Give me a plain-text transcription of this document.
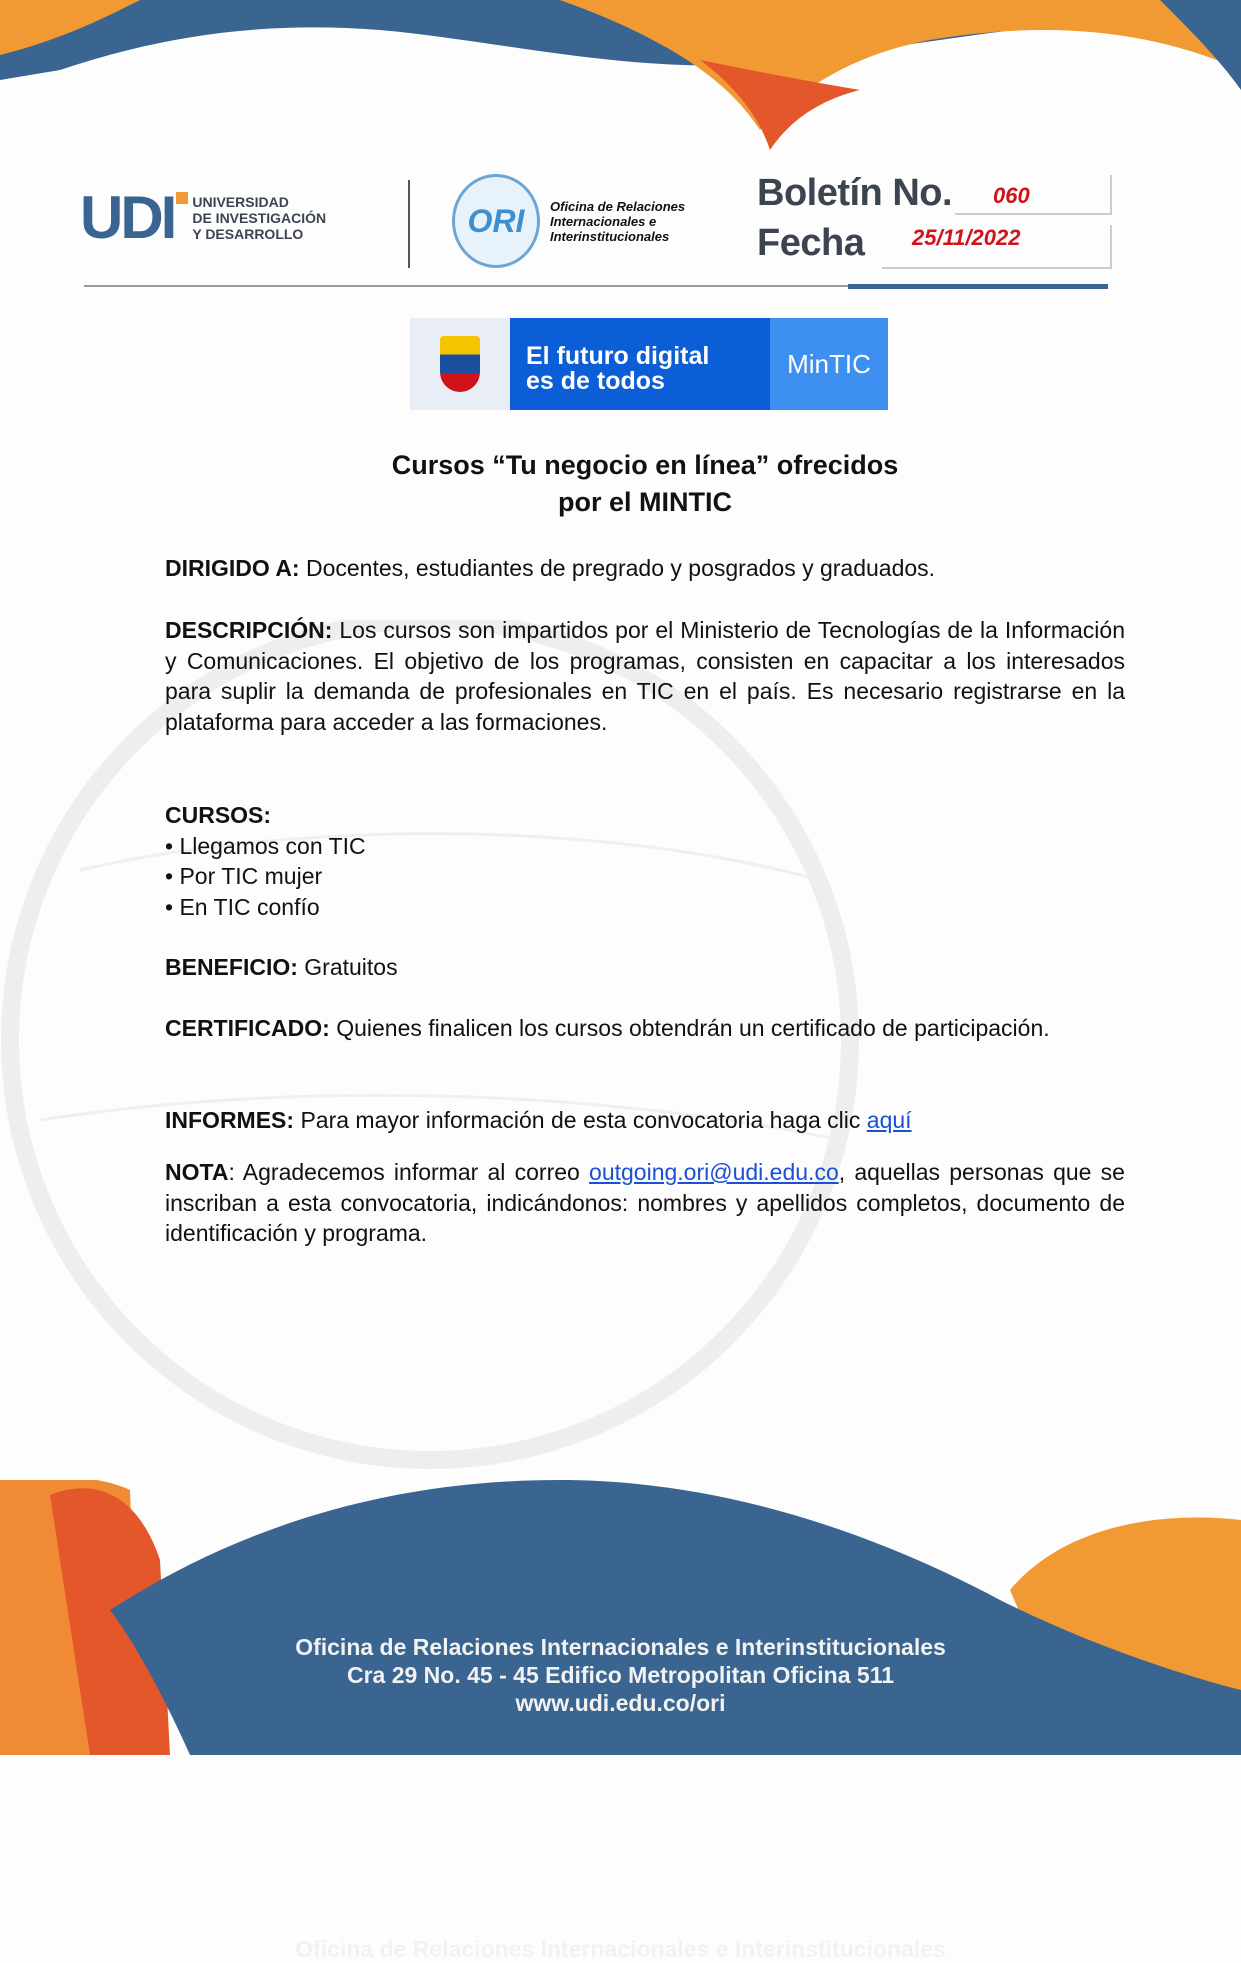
UDI UNIVERSIDAD
DE INVESTIGACIÓN
Y DESARROLLO	ORI Oficina de Relaciones
Internacionales e
Interinstitucionales
Boletín No. 060
Fecha 25/11/2022
El futuro digital
es de todos
MinTIC
Cursos “Tu negocio en línea” ofrecidos
por el MINTIC
DIRIGIDO A: Docentes, estudiantes de pregrado y posgrados y graduados.
DESCRIPCIÓN: Los cursos son impartidos por el Ministerio de Tecnologías de la Información y Comunicaciones. El objetivo de los programas, consisten en capacitar a los interesados para suplir la demanda de profesionales en TIC en el país. Es necesario registrarse en la plataforma para acceder a las formaciones.
CURSOS:
• Llegamos con TIC
• Por TIC mujer
• En TIC confío
BENEFICIO: Gratuitos
CERTIFICADO: Quienes finalicen los cursos obtendrán un certificado de participación.
INFORMES: Para mayor información de esta convocatoria haga clic aquí
NOTA: Agradecemos informar al correo outgoing.ori@udi.edu.co, aquellas personas que se inscriban a esta convocatoria, indicándonos: nombres y apellidos completos, documento de identificación y programa.
Oficina de Relaciones Internacionales e Interinstitucionales
Oficina de Relaciones Internacionales e Interinstitucionales
Cra 29 No. 45 - 45 Edifico Metropolitan Oficina 511
www.udi.edu.co/ori
